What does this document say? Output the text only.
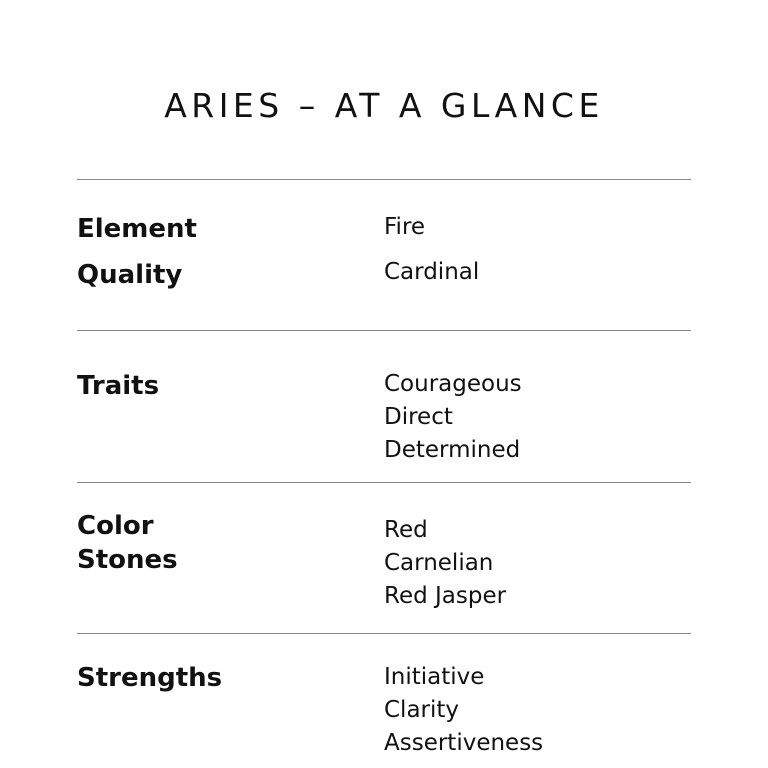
ARIES – AT A GLANCE
Element
Quality
Fire
Cardinal
Traits	Courageous
Direct
Determined
Color
Stones
Red
Carnelian
Red Jasper
Strengths	Initiative
Clarity
Assertiveness
